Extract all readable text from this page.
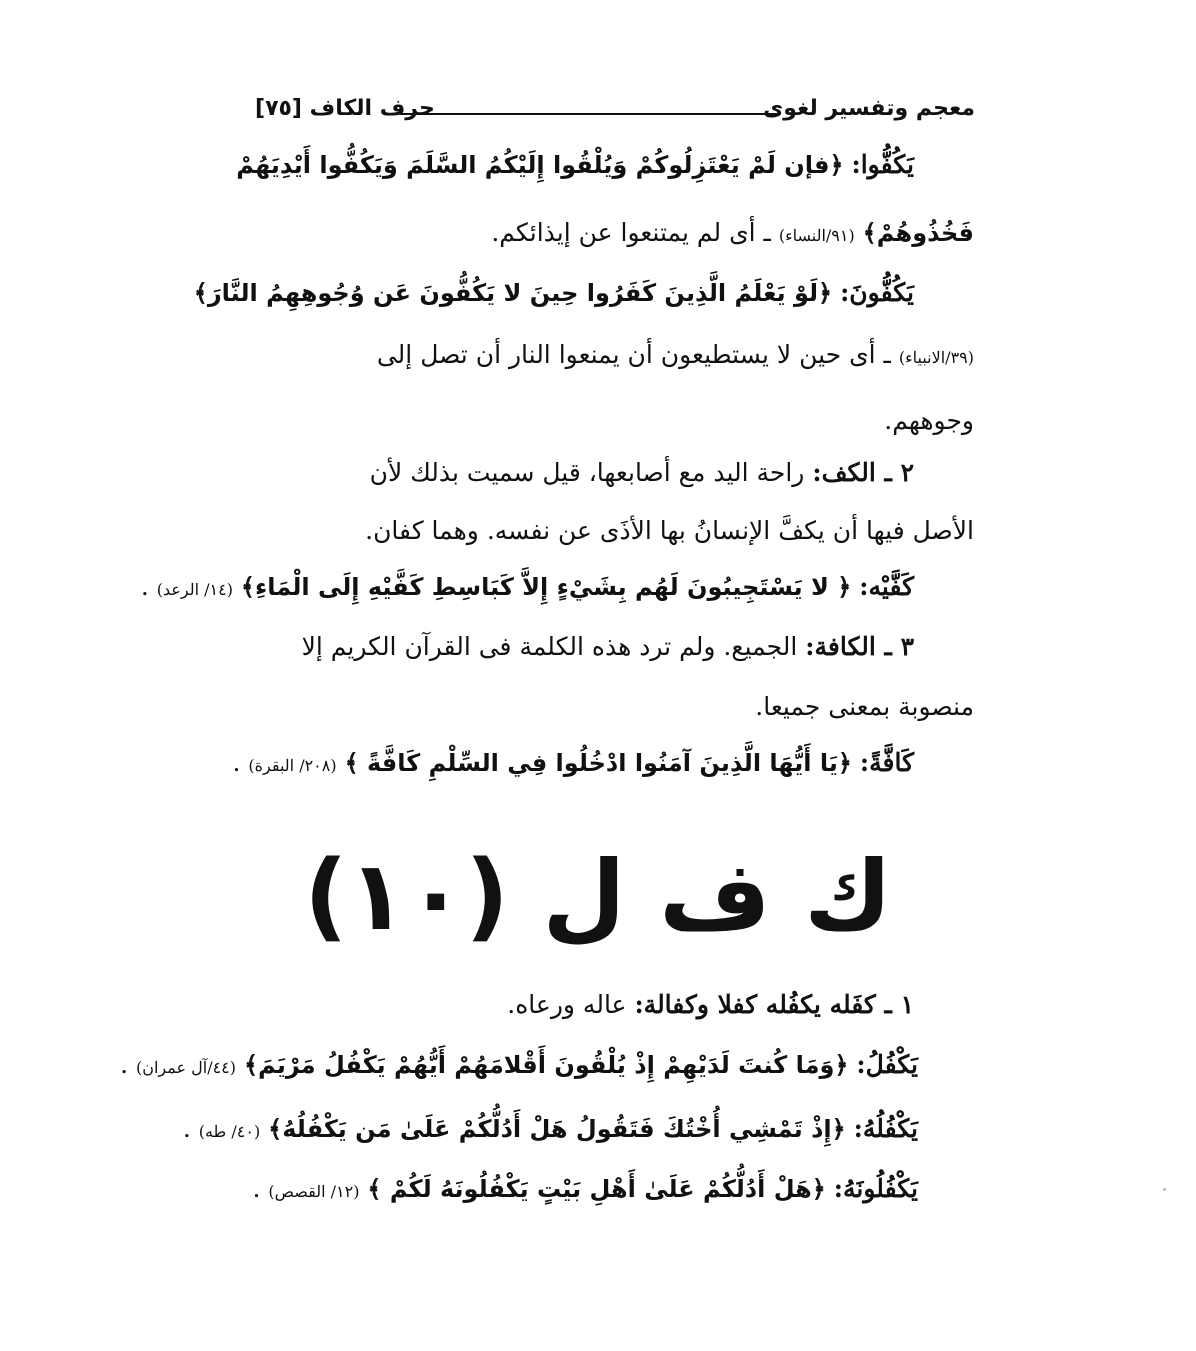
معجم وتفسير لغوى
حرف الكاف [٧٥]
يَكُفُّوا: ﴿فإن لَمْ يَعْتَزِلُوكُمْ وَيُلْقُوا إِلَيْكُمُ السَّلَمَ وَيَكُفُّوا أَيْدِيَهُمْ
فَخُذُوهُمْ﴾ (٩١/النساء) ـ أى لم يمتنعوا عن إيذائكم.
يَكُفُّونَ: ﴿لَوْ يَعْلَمُ الَّذِينَ كَفَرُوا حِينَ لا يَكُفُّونَ عَن وُجُوهِهِمُ النَّارَ﴾
(٣٩/الانبياء) ـ أى حين لا يستطيعون أن يمنعوا النار أن تصل إلى
وجوههم.
٢ ـ الكف: راحة اليد مع أصابعها، قيل سميت بذلك لأن
الأصل فيها أن يكفَّ الإنسانُ بها الأذَى عن نفسه. وهما كفان.
كَفَّيْه: ﴿ لا يَسْتَجِيبُونَ لَهُم بِشَيْءٍ إِلاَّ كَبَاسِطِ كَفَّيْهِ إِلَى الْمَاءِ﴾ (١٤/ الرعد) .
٣ ـ الكافة: الجميع. ولم ترد هذه الكلمة فى القرآن الكريم إلا
منصوبة بمعنى جميعا.
كَافَّةً: ﴿يَا أَيُّهَا الَّذِينَ آمَنُوا ادْخُلُوا فِي السِّلْمِ كَافَّةً ﴾ (٢٠٨/ البقرة) .
ك ف ل (١٠)
١ ـ كفَله يكفُله كفلا وكفالة: عاله ورعاه.
يَكْفُلُ: ﴿وَمَا كُنتَ لَدَيْهِمْ إِذْ يُلْقُونَ أَقْلامَهُمْ أَيُّهُمْ يَكْفُلُ مَرْيَمَ﴾ (٤٤/آل عمران) .
يَكْفُلُهُ: ﴿إِذْ تَمْشِي أُخْتُكَ فَتَقُولُ هَلْ أَدُلُّكُمْ عَلَىٰ مَن يَكْفُلُهُ﴾ (٤٠/ طه) .
يَكْفُلُونَهُ: ﴿هَلْ أَدُلُّكُمْ عَلَىٰ أَهْلِ بَيْتٍ يَكْفُلُونَهُ لَكُمْ ﴾ (١٢/ القصص) .
